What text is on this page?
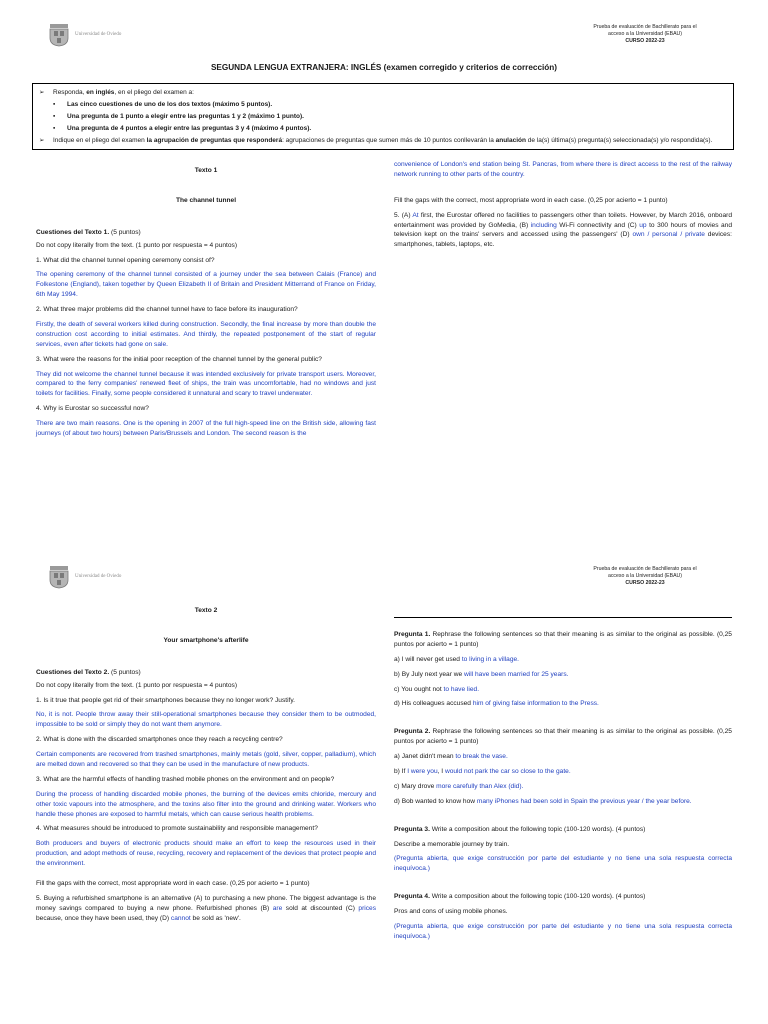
Universidad de Oviedo
Prueba de evaluación de Bachillerato para el
acceso a la Universidad (EBAU)
CURSO 2022-23
SEGUNDA LENGUA EXTRANJERA: INGLÉS (examen corregido y criterios de corrección)
➢	Responda, en inglés, en el pliego del examen a:
▪	Las cinco cuestiones de uno de los dos textos (máximo 5 puntos).
▪	Una pregunta de 1 punto a elegir entre las preguntas 1 y 2 (máximo 1 punto).
▪	Una pregunta de 4 puntos a elegir entre las preguntas 3 y 4 (máximo 4 puntos).
➢	Indique en el pliego del examen la agrupación de preguntas que responderá: agrupaciones de preguntas que sumen más de 10 puntos conllevarán la anulación de la(s) última(s) pregunta(s) seleccionada(s) y/o respondida(s).
Texto 1
The channel tunnel
Cuestiones del Texto 1. (5 puntos)
Do not copy literally from the text. (1 punto por respuesta = 4 puntos)
1. What did the channel tunnel opening ceremony consist of?
The opening ceremony of the channel tunnel consisted of a journey under the sea between Calais (France) and Folkestone (England), taken together by Queen Elizabeth II of Britain and President Mitterrand of France on Friday, 6th May 1994.
2. What three major problems did the channel tunnel have to face before its inauguration?
Firstly, the death of several workers killed during construction. Secondly, the final increase by more than double the construction cost according to initial estimates. And thirdly, the repeated postponement of the start of regular services, even after tickets had gone on sale.
3. What were the reasons for the initial poor reception of the channel tunnel by the general public?
They did not welcome the channel tunnel because it was intended exclusively for private transport users. Moreover, compared to the ferry companies' renewed fleet of ships, the train was uncomfortable, had no windows and just toilets for facilities. Finally, some people considered it unnatural and scary to travel underwater.
4. Why is Eurostar so successful now?
There are two main reasons. One is the opening in 2007 of the full high-speed line on the British side, allowing fast journeys (of about two hours) between Paris/Brussels and London. The second reason is the
convenience of London's end station being St. Pancras, from where there is direct access to the rest of the railway network running to other parts of the country.
Fill the gaps with the correct, most appropriate word in each case. (0,25 por acierto = 1 punto)
5. (A) At first, the Eurostar offered no facilities to passengers other than toilets. However, by March 2016, onboard entertainment was provided by GoMedia, (B) including Wi-Fi connectivity and (C) up to 300 hours of movies and television kept on the trains' servers and accessed using the passengers' (D) own / personal / private devices: smartphones, tablets, laptops, etc.
Universidad de Oviedo
Prueba de evaluación de Bachillerato para el
acceso a la Universidad (EBAU)
CURSO 2022-23
Texto 2
Your smartphone's afterlife
Cuestiones del Texto 2. (5 puntos)
Do not copy literally from the text. (1 punto por respuesta = 4 puntos)
1. Is it true that people get rid of their smartphones because they no longer work? Justify.
No, it is not. People throw away their still-operational smartphones because they consider them to be outmoded, impossible to be sold or simply they do not want them anymore.
2. What is done with the discarded smartphones once they reach a recycling centre?
Certain components are recovered from trashed smartphones, mainly metals (gold, silver, copper, palladium), which are melted down and recovered so that they can be used in the manufacture of new products.
3. What are the harmful effects of handling trashed mobile phones on the environment and on people?
During the process of handling discarded mobile phones, the burning of the devices emits chloride, mercury and other toxic vapours into the atmosphere, and the toxins also filter into the ground and drinking water. Workers who handle these phones are exposed to harmful metals, which can cause serious health problems.
4. What measures should be introduced to promote sustainability and responsible management?
Both producers and buyers of electronic products should make an effort to keep the resources used in their production, and adopt methods of reuse, recycling, recovery and replacement of the devices that protect people and the environment.
Fill the gaps with the correct, most appropriate word in each case. (0,25 por acierto = 1 punto)
5. Buying a refurbished smartphone is an alternative (A) to purchasing a new phone. The biggest advantage is the money savings compared to buying a new phone. Refurbished phones (B) are sold at discounted (C) prices because, once they have been used, they (D) cannot be sold as 'new'.
Pregunta 1. Rephrase the following sentences so that their meaning is as similar to the original as possible. (0,25 puntos por acierto = 1 punto)
a) I will never get used to living in a village.
b) By July next year we will have been married for 25 years.
c) You ought not to have lied.
d) His colleagues accused him of giving false information to the Press.
Pregunta 2. Rephrase the following sentences so that their meaning is as similar to the original as possible. (0,25 puntos por acierto = 1 punto)
a) Janet didn't mean to break the vase.
b) If I were you, I would not park the car so close to the gate.
c) Mary drove more carefully than Alex (did).
d) Bob wanted to know how many iPhones had been sold in Spain the previous year / the year before.
Pregunta 3. Write a composition about the following topic (100-120 words). (4 puntos)
Describe a memorable journey by train.
(Pregunta abierta, que exige construcción por parte del estudiante y no tiene una sola respuesta correcta inequívoca.)
Pregunta 4. Write a composition about the following topic (100-120 words). (4 puntos)
Pros and cons of using mobile phones.
(Pregunta abierta, que exige construcción por parte del estudiante y no tiene una sola respuesta correcta inequívoca.)
